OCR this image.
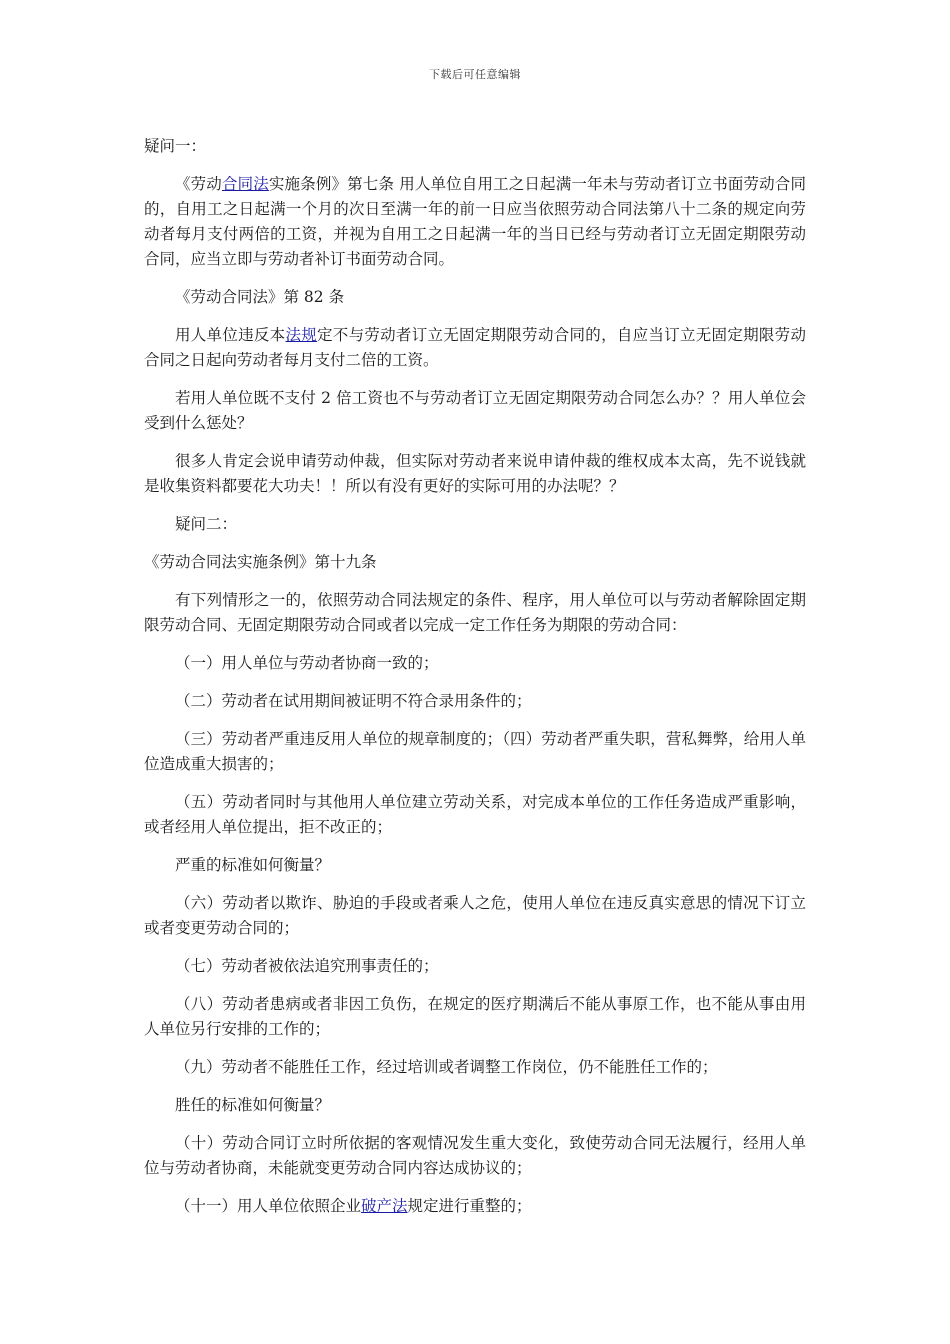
下载后可任意编辑

疑问一：

《劳动合同法实施条例》第七条 用人单位自用工之日起满一年未与劳动者订立书面劳动合同的，自用工之日起满一个月的次日至满一年的前一日应当依照劳动合同法第八十二条的规定向劳动者每月支付两倍的工资，并视为自用工之日起满一年的当日已经与劳动者订立无固定期限劳动合同，应当立即与劳动者补订书面劳动合同。

《劳动合同法》第 82 条

用人单位违反本法规定不与劳动者订立无固定期限劳动合同的，自应当订立无固定期限劳动合同之日起向劳动者每月支付二倍的工资。

若用人单位既不支付 2 倍工资也不与劳动者订立无固定期限劳动合同怎么办？？用人单位会受到什么惩处？

很多人肯定会说申请劳动仲裁，但实际对劳动者来说申请仲裁的维权成本太高，先不说钱就是收集资料都要花大功夫！！所以有没有更好的实际可用的办法呢？？

疑问二：

《劳动合同法实施条例》第十九条

有下列情形之一的，依照劳动合同法规定的条件、程序，用人单位可以与劳动者解除固定期限劳动合同、无固定期限劳动合同或者以完成一定工作任务为期限的劳动合同：

（一）用人单位与劳动者协商一致的；

（二）劳动者在试用期间被证明不符合录用条件的；

（三）劳动者严重违反用人单位的规章制度的；（四）劳动者严重失职，营私舞弊，给用人单位造成重大损害的；

（五）劳动者同时与其他用人单位建立劳动关系，对完成本单位的工作任务造成严重影响，或者经用人单位提出，拒不改正的；

严重的标准如何衡量？

（六）劳动者以欺诈、胁迫的手段或者乘人之危，使用人单位在违反真实意思的情况下订立或者变更劳动合同的；

（七）劳动者被依法追究刑事责任的；

（八）劳动者患病或者非因工负伤，在规定的医疗期满后不能从事原工作，也不能从事由用人单位另行安排的工作的；

（九）劳动者不能胜任工作，经过培训或者调整工作岗位，仍不能胜任工作的；

胜任的标准如何衡量？

（十）劳动合同订立时所依据的客观情况发生重大变化，致使劳动合同无法履行，经用人单位与劳动者协商，未能就变更劳动合同内容达成协议的；

（十一）用人单位依照企业破产法规定进行重整的；
